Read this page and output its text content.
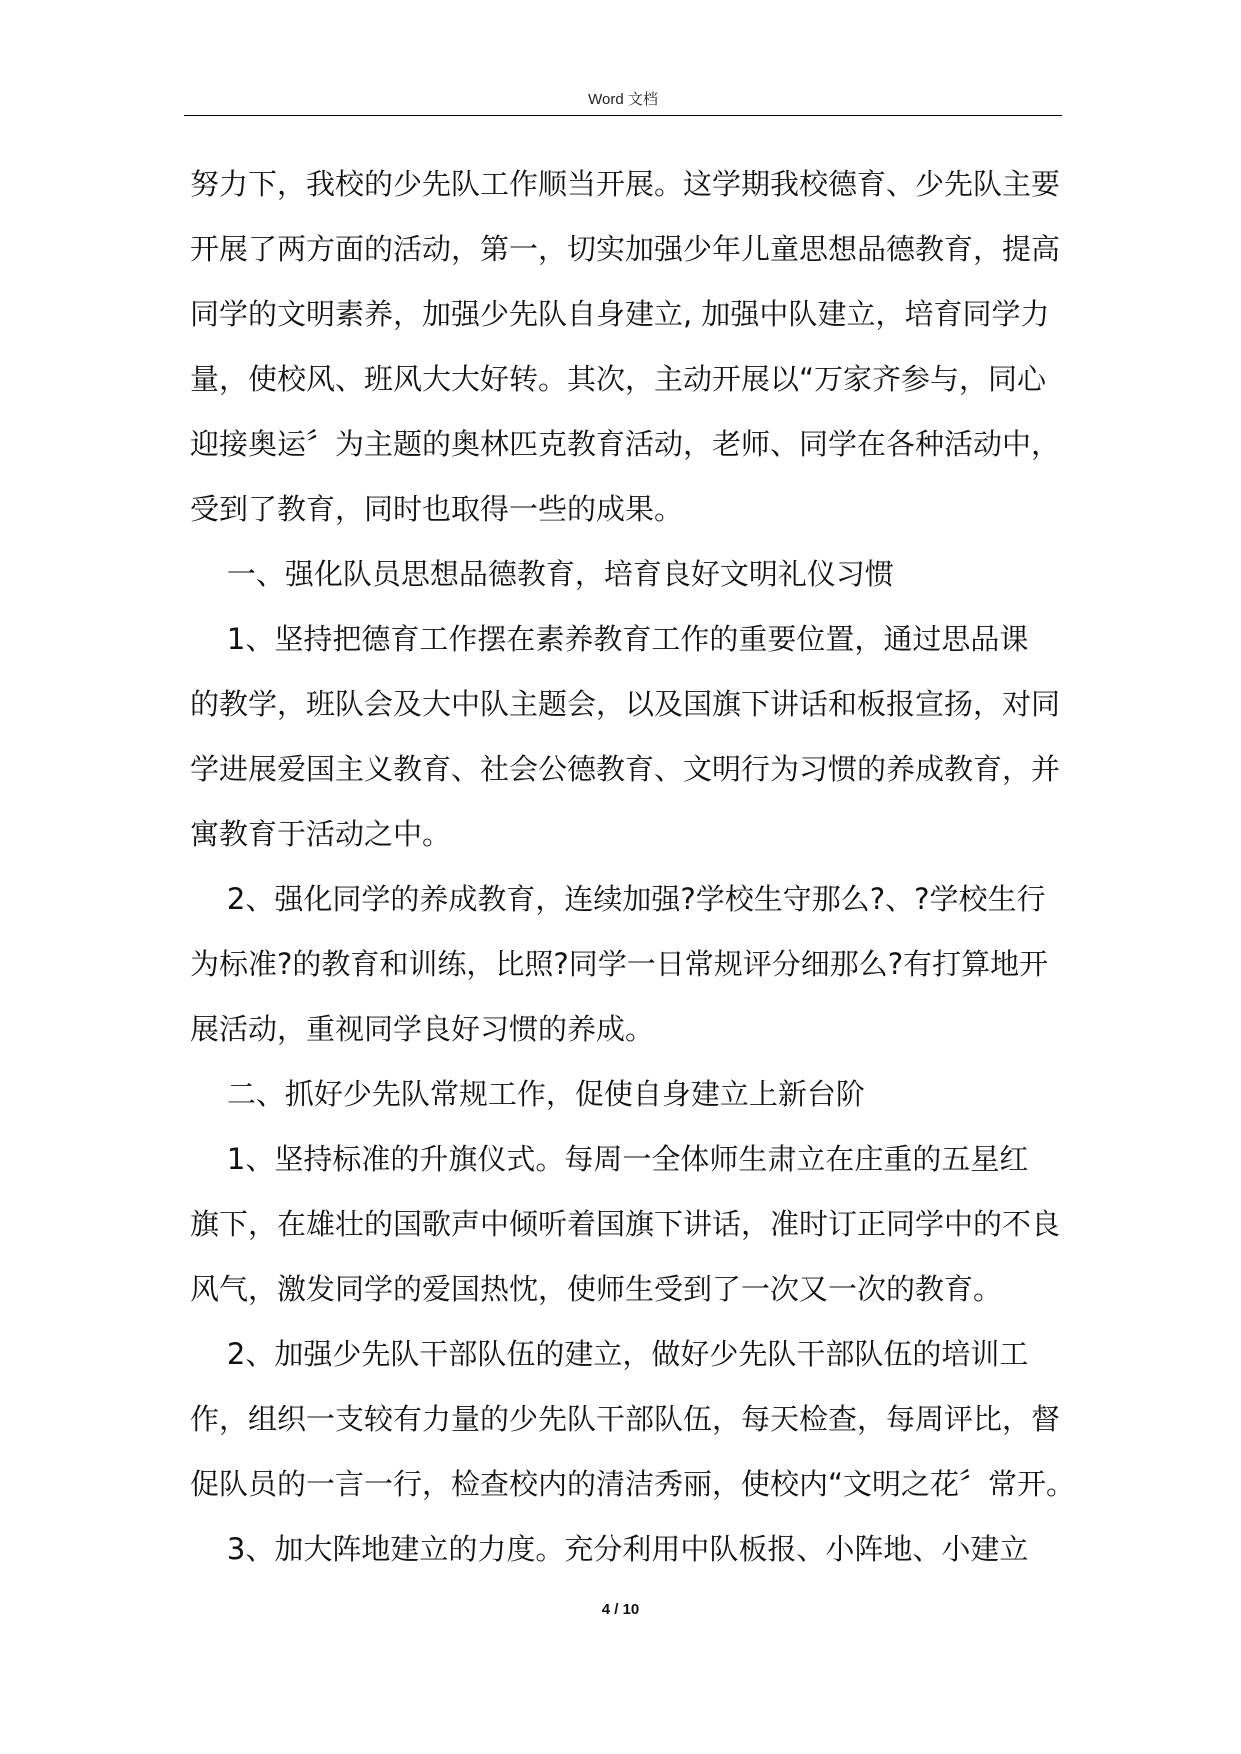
Word 文档
努力下，我校的少先队工作顺当开展。这学期我校德育、少先队主要
开展了两方面的活动，第一，切实加强少年儿童思想品德教育，提高
同学的文明素养，加强少先队自身建立, 加强中队建立，培育同学力
量，使校风、班风大大好转。其次，主动开展以“万家齐参与，同心
迎接奥运〞为主题的奥林匹克教育活动，老师、同学在各种活动中，
受到了教育，同时也取得一些的成果。
一、强化队员思想品德教育，培育良好文明礼仪习惯
1、坚持把德育工作摆在素养教育工作的重要位置，通过思品课
的教学，班队会及大中队主题会，以及国旗下讲话和板报宣扬，对同
学进展爱国主义教育、社会公德教育、文明行为习惯的养成教育，并
寓教育于活动之中。
2、强化同学的养成教育，连续加强?学校生守那么?、?学校生行
为标准?的教育和训练，比照?同学一日常规评分细那么?有打算地开
展活动，重视同学良好习惯的养成。
二、抓好少先队常规工作，促使自身建立上新台阶
1、坚持标准的升旗仪式。每周一全体师生肃立在庄重的五星红
旗下，在雄壮的国歌声中倾听着国旗下讲话，准时订正同学中的不良
风气，激发同学的爱国热忱，使师生受到了一次又一次的教育。
2、加强少先队干部队伍的建立，做好少先队干部队伍的培训工
作，组织一支较有力量的少先队干部队伍，每天检查，每周评比，督
促队员的一言一行，检查校内的清洁秀丽，使校内“文明之花〞常开。
3、加大阵地建立的力度。充分利用中队板报、小阵地、小建立
4 / 10
